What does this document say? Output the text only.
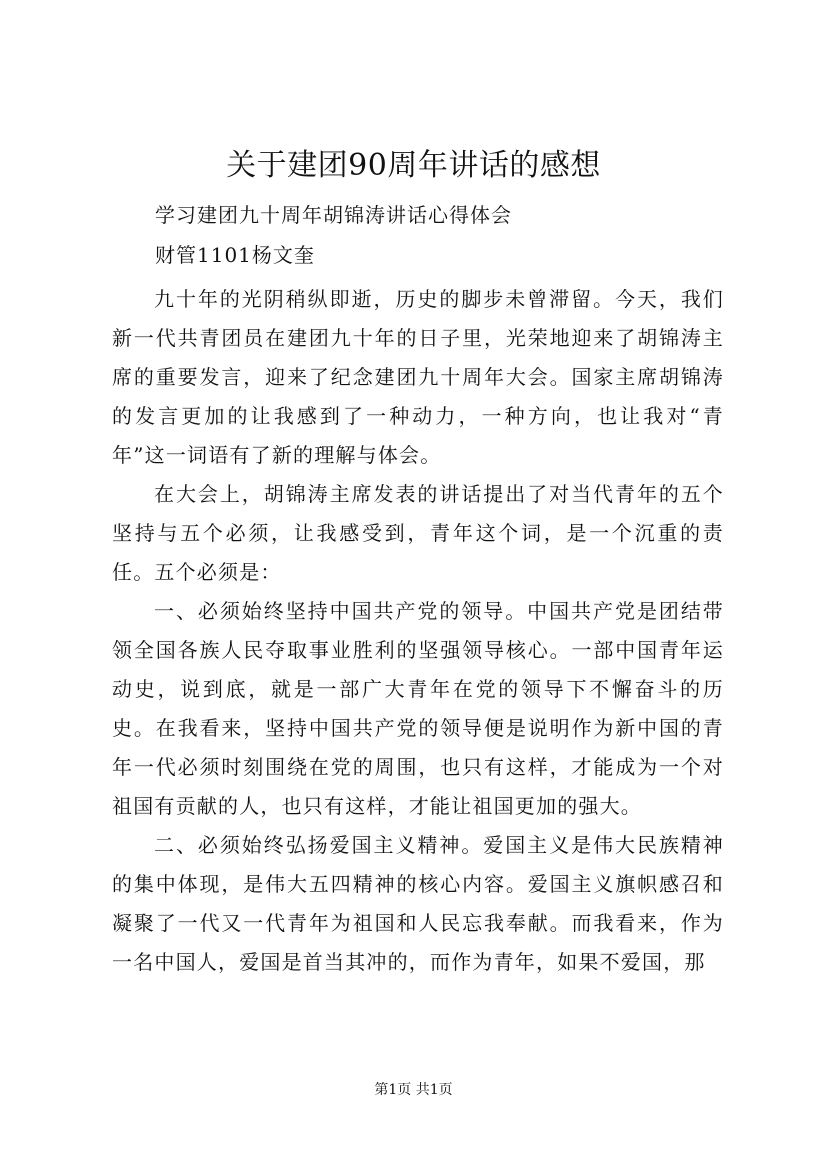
关于建团90周年讲话的感想

学习建团九十周年胡锦涛讲话心得体会

财管1101杨文奎

九十年的光阴稍纵即逝，历史的脚步未曾滞留。今天，我们新一代共青团员在建团九十年的日子里，光荣地迎来了胡锦涛主席的重要发言，迎来了纪念建团九十周年大会。国家主席胡锦涛的发言更加的让我感到了一种动力，一种方向，也让我对“青年”这一词语有了新的理解与体会。

在大会上，胡锦涛主席发表的讲话提出了对当代青年的五个坚持与五个必须，让我感受到，青年这个词，是一个沉重的责任。五个必须是：

一、必须始终坚持中国共产党的领导。中国共产党是团结带领全国各族人民夺取事业胜利的坚强领导核心。一部中国青年运动史，说到底，就是一部广大青年在党的领导下不懈奋斗的历史。在我看来，坚持中国共产党的领导便是说明作为新中国的青年一代必须时刻围绕在党的周围，也只有这样，才能成为一个对祖国有贡献的人，也只有这样，才能让祖国更加的强大。

二、必须始终弘扬爱国主义精神。爱国主义是伟大民族精神的集中体现，是伟大五四精神的核心内容。爱国主义旗帜感召和凝聚了一代又一代青年为祖国和人民忘我奉献。而我看来，作为一名中国人，爱国是首当其冲的，而作为青年，如果不爱国，那

第1页 共1页
